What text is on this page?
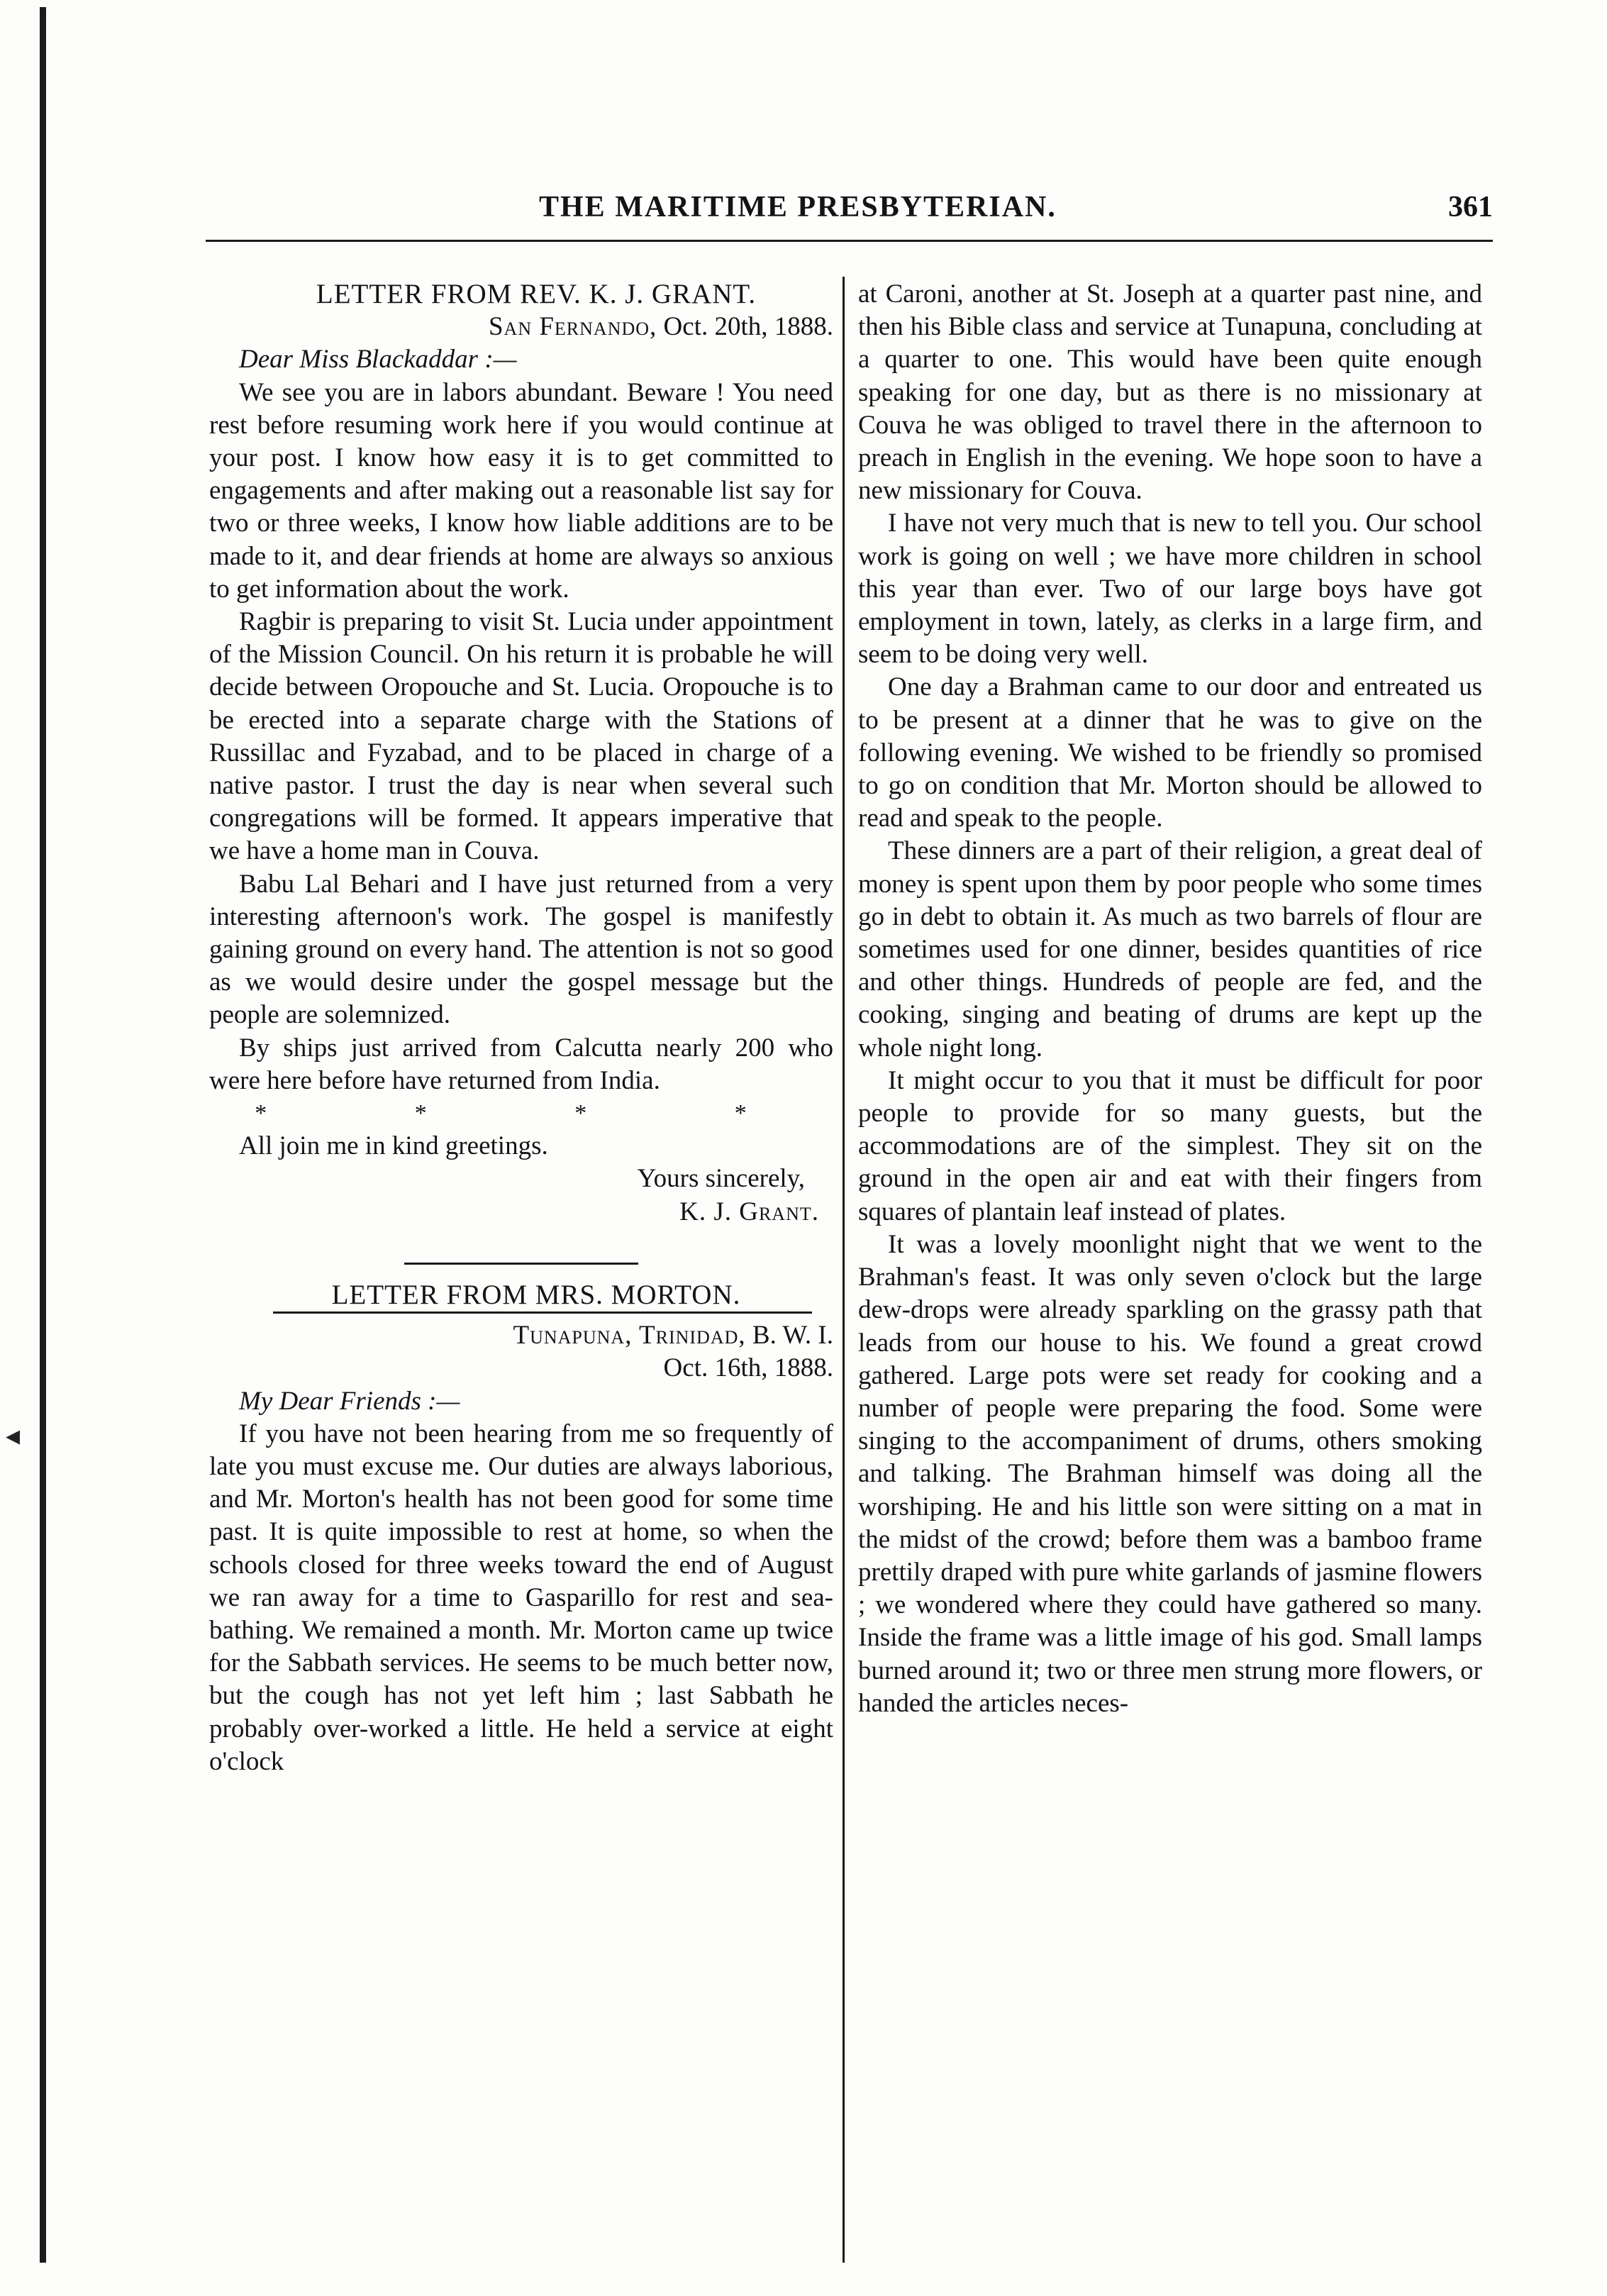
◂
THE MARITIME PRESBYTERIAN.	361

LETTER FROM REV. K. J. GRANT.

San Fernando, Oct. 20th, 1888.

Dear Miss Blackaddar :—

We see you are in labors abundant. Beware ! You need rest before resuming work here if you would continue at your post. I know how easy it is to get committed to engagements and after making out a reasonable list say for two or three weeks, I know how liable additions are to be made to it, and dear friends at home are always so anxious to get information about the work.

Ragbir is preparing to visit St. Lucia under appointment of the Mission Council. On his return it is probable he will decide between Oropouche and St. Lucia. Oropouche is to be erected into a separate charge with the Stations of Russillac and Fyzabad, and to be placed in charge of a native pastor. I trust the day is near when several such congregations will be formed. It appears imperative that we have a home man in Couva.

Babu Lal Behari and I have just returned from a very interesting afternoon's work. The gospel is manifestly gaining ground on every hand. The attention is not so good as we would desire under the gospel message but the people are solemnized.

By ships just arrived from Calcutta nearly 200 who were here before have returned from India.

* * * *

All join me in kind greetings.

Yours sincerely,

K. J. Grant.

LETTER FROM MRS. MORTON.

Tunapuna, Trinidad, B. W. I.

Oct. 16th, 1888.

My Dear Friends :—

If you have not been hearing from me so frequently of late you must excuse me. Our duties are always laborious, and Mr. Morton's health has not been good for some time past. It is quite impossible to rest at home, so when the schools closed for three weeks toward the end of August we ran away for a time to Gasparillo for rest and sea-bathing. We remained a month. Mr. Morton came up twice for the Sabbath services. He seems to be much better now, but the cough has not yet left him ; last Sabbath he probably over-worked a little. He held a service at eight o'clock

at Caroni, another at St. Joseph at a quarter past nine, and then his Bible class and service at Tunapuna, concluding at a quarter to one. This would have been quite enough speaking for one day, but as there is no missionary at Couva he was obliged to travel there in the afternoon to preach in English in the evening. We hope soon to have a new missionary for Couva.

I have not very much that is new to tell you. Our school work is going on well ; we have more children in school this year than ever. Two of our large boys have got employment in town, lately, as clerks in a large firm, and seem to be doing very well.

One day a Brahman came to our door and entreated us to be present at a dinner that he was to give on the following evening. We wished to be friendly so promised to go on condition that Mr. Morton should be allowed to read and speak to the people.

These dinners are a part of their religion, a great deal of money is spent upon them by poor people who some times go in debt to obtain it. As much as two barrels of flour are sometimes used for one dinner, besides quantities of rice and other things. Hundreds of people are fed, and the cooking, singing and beating of drums are kept up the whole night long.

It might occur to you that it must be difficult for poor people to provide for so many guests, but the accommodations are of the simplest. They sit on the ground in the open air and eat with their fingers from squares of plantain leaf instead of plates.

It was a lovely moonlight night that we went to the Brahman's feast. It was only seven o'clock but the large dew-drops were already sparkling on the grassy path that leads from our house to his. We found a great crowd gathered. Large pots were set ready for cooking and a number of people were preparing the food. Some were singing to the accompaniment of drums, others smoking and talking. The Brahman himself was doing all the worshiping. He and his little son were sitting on a mat in the midst of the crowd; before them was a bamboo frame prettily draped with pure white garlands of jasmine flowers ; we wondered where they could have gathered so many. Inside the frame was a little image of his god. Small lamps burned around it; two or three men strung more flowers, or handed the articles neces-
